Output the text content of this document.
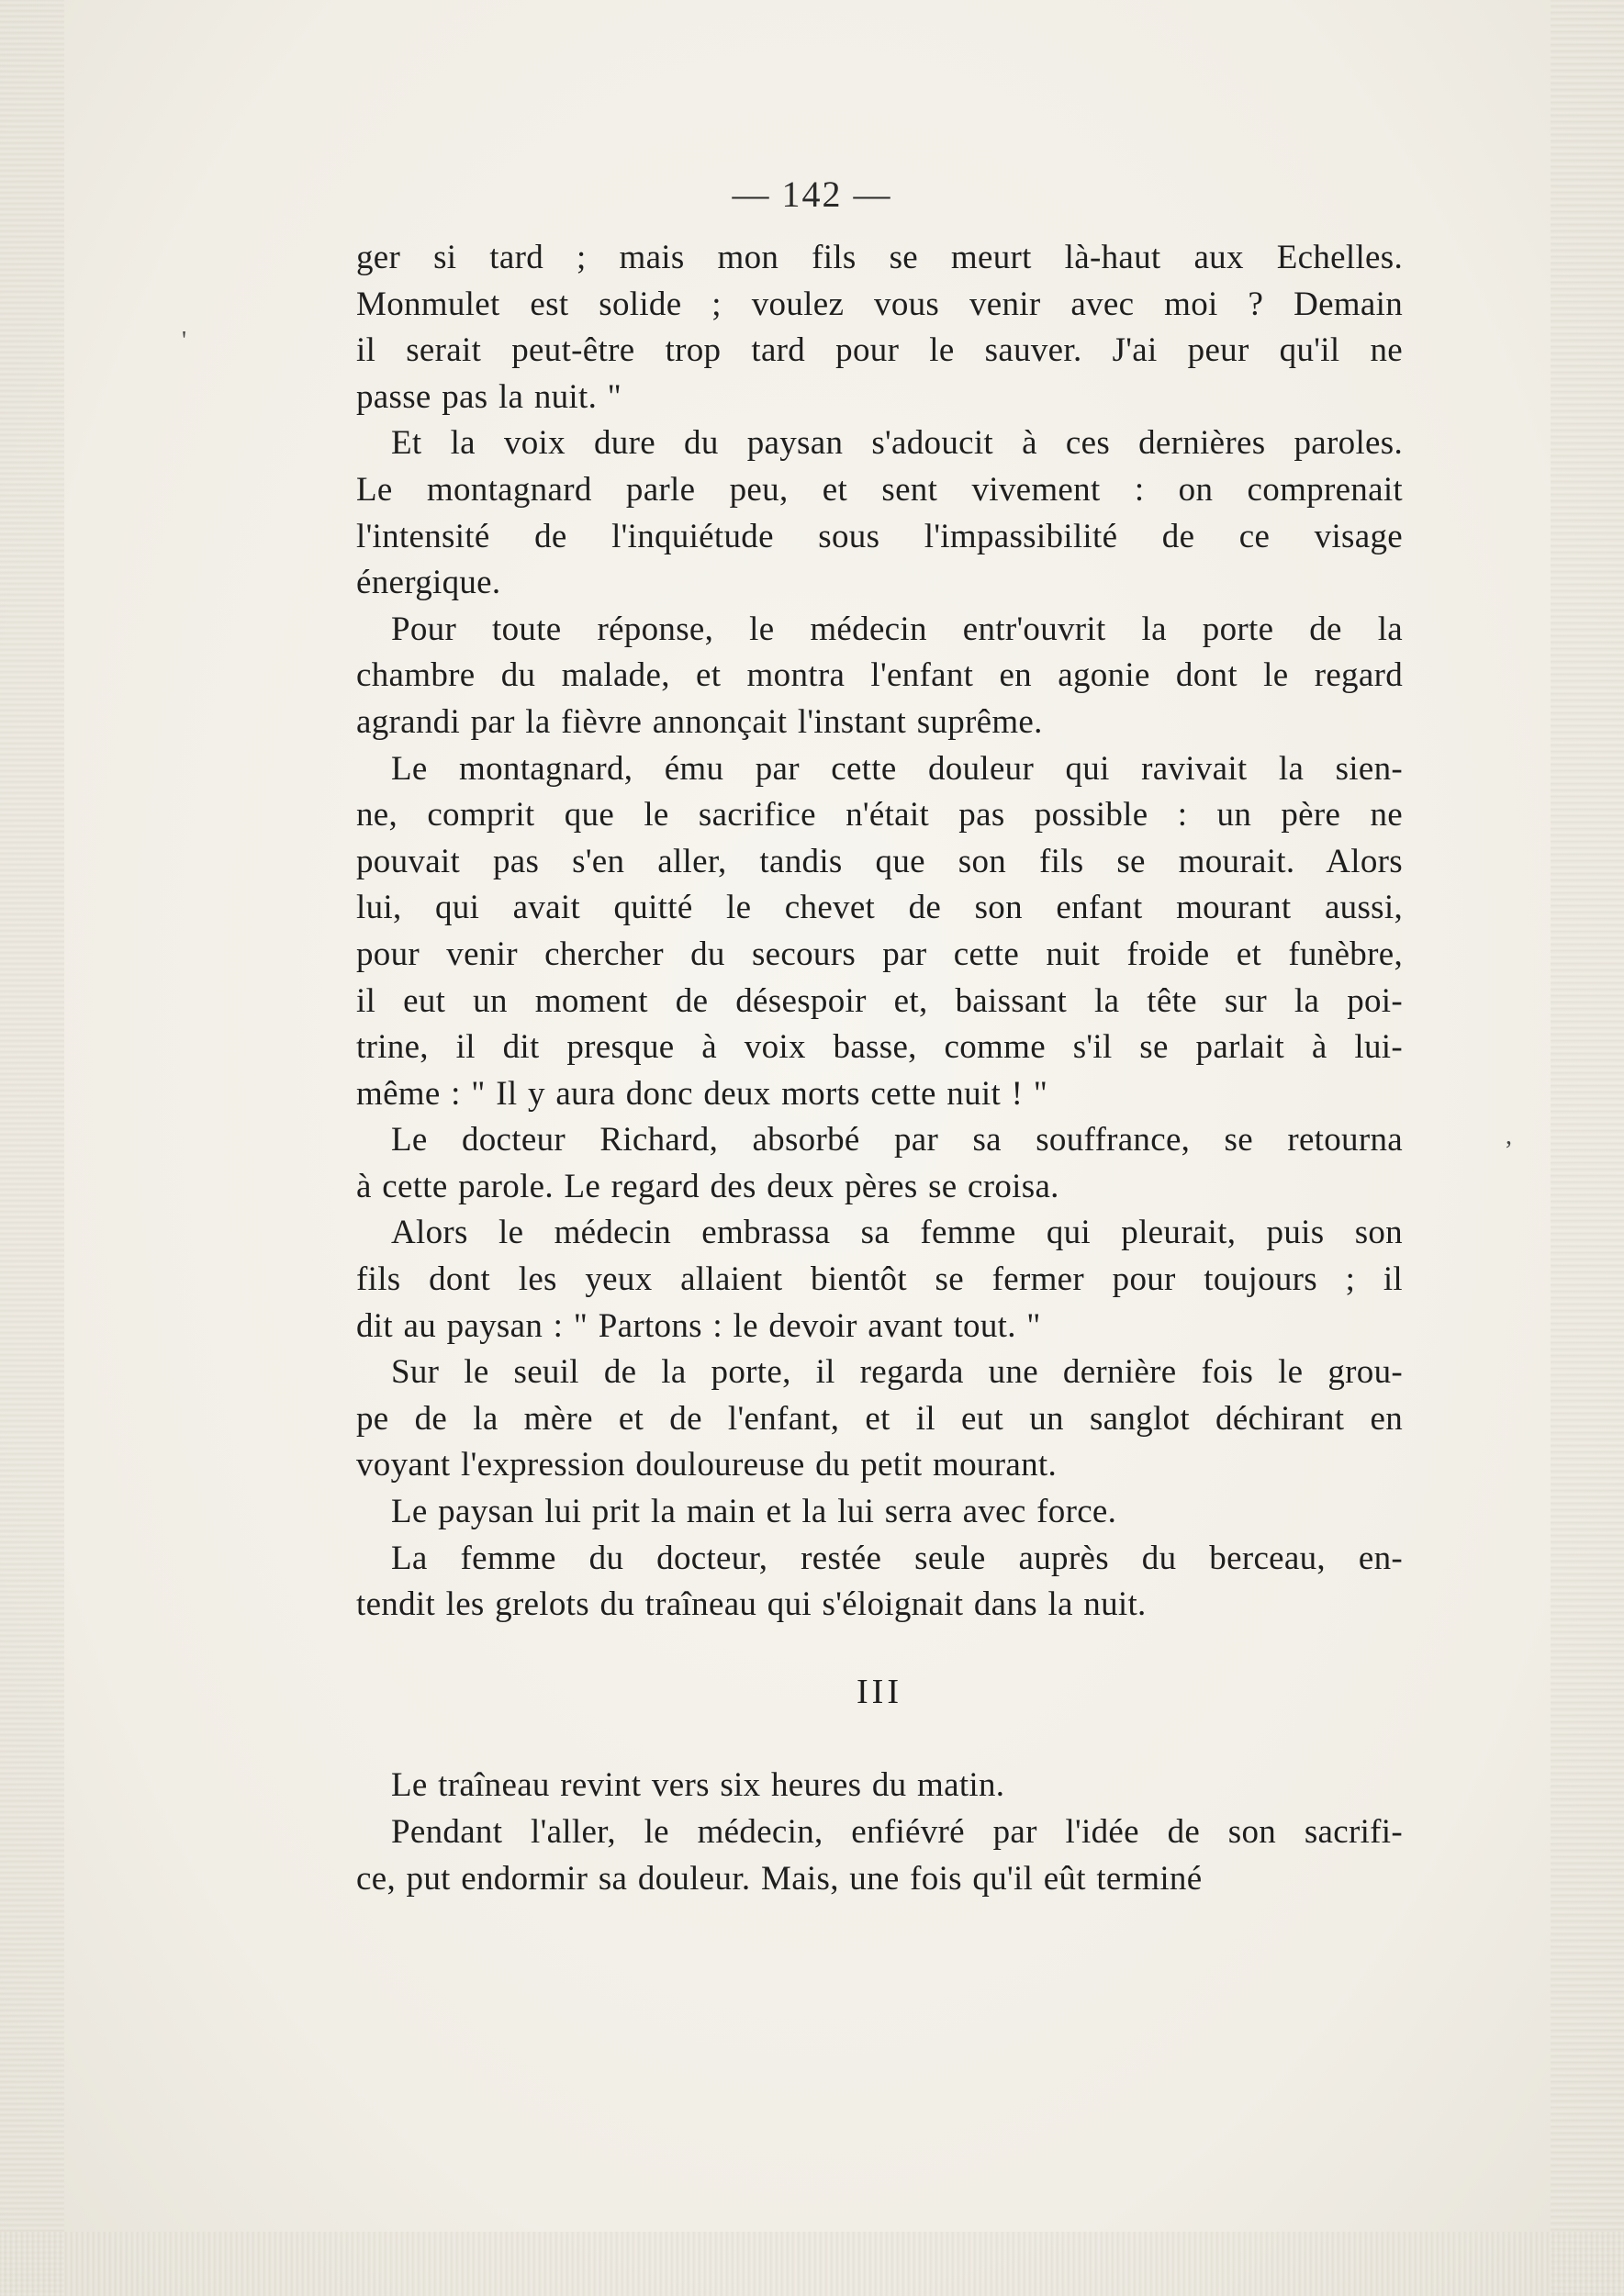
— 142 —

ger si tard ; mais mon fils se meurt là-haut aux Echelles.
Monmulet est solide ; voulez vous venir avec moi ? Demain
il serait peut-être trop tard pour le sauver. J'ai peur qu'il ne
passe pas la nuit. "

Et la voix dure du paysan s'adoucit à ces dernières paroles.
Le montagnard parle peu, et sent vivement : on comprenait
l'intensité de l'inquiétude sous l'impassibilité de ce visage
énergique.

Pour toute réponse, le médecin entr'ouvrit la porte de la
chambre du malade, et montra l'enfant en agonie dont le regard
agrandi par la fièvre annonçait l'instant suprême.

Le montagnard, ému par cette douleur qui ravivait la sien-
ne, comprit que le sacrifice n'était pas possible : un père ne
pouvait pas s'en aller, tandis que son fils se mourait. Alors
lui, qui avait quitté le chevet de son enfant mourant aussi,
pour venir chercher du secours par cette nuit froide et funèbre,
il eut un moment de désespoir et, baissant la tête sur la poi-
trine, il dit presque à voix basse, comme s'il se parlait à lui-
même : " Il y aura donc deux morts cette nuit ! "

Le docteur Richard, absorbé par sa souffrance, se retourna
à cette parole. Le regard des deux pères se croisa.

Alors le médecin embrassa sa femme qui pleurait, puis son
fils dont les yeux allaient bientôt se fermer pour toujours ; il
dit au paysan : " Partons : le devoir avant tout. "

Sur le seuil de la porte, il regarda une dernière fois le grou-
pe de la mère et de l'enfant, et il eut un sanglot déchirant en
voyant l'expression douloureuse du petit mourant.

Le paysan lui prit la main et la lui serra avec force.

La femme du docteur, restée seule auprès du berceau, en-
tendit les grelots du traîneau qui s'éloignait dans la nuit.

III

Le traîneau revint vers six heures du matin.

Pendant l'aller, le médecin, enfiévré par l'idée de son sacrifi-
ce, put endormir sa douleur. Mais, une fois qu'il eût terminé

'
,
